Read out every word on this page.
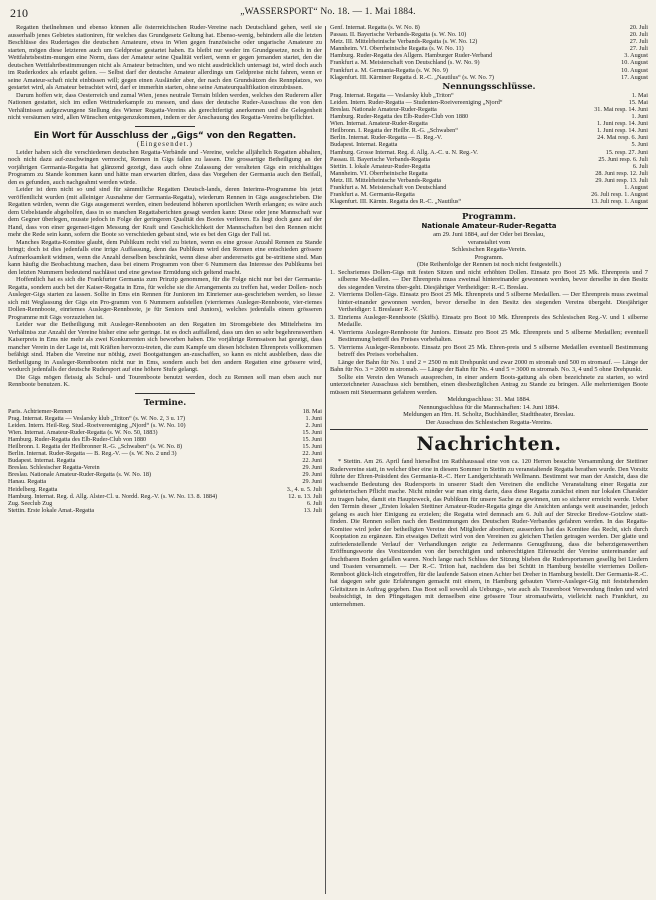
210	„WASSERSPORT“ No. 18. — 1. Mai 1884.

Regatten theilnehmen und ebenso können alle österreichischen Ruder-Vereine nach Deutschland gehen, weil sie ausserhalb jenes Gebietes stationiren, für welches das Grundgesetz Geltung hat. Ebenso-wenig, behindern alle die letzten Beschlüsse des Rudertages die deutschen Amateure, etwa in Wien gegen französische oder ungarische Amateure zu starten, mögen diese letzteren auch um Geldpreise gestartet haben. Es bleibt nur weder im Grundgesetze, noch in der Wettfahrtsbestim-mungen eine Norm, dass der Amateur seine Qualität verliert, wenn er gegen jemanden startet, den die deutschen Wettfahrtbestimmungen nicht als Amateur betrachten, und wo nicht ausdrücklich untersagt ist, wird doch auch im Ruderkodex als erlaubt gelten. — Selbst darf der deutsche Amateur allerdings um Geldpreise nicht fahren, wenn er seine Amateur-schaft nicht einbüssen will; gegen einen Ausländer aber, der nach den Grundsätzen des Rennplatzes, wo gestartet wird, als Amateur betrachtet wird, darf er immerhin starten, ohne seine Amateurqualifikation einzubüssen.

Darum hoffen wir, dass Oesterreich und zumal Wien, jenes neutrale Terrain bilden werden, welches den Ruderern aller Nationen gestattet, sich im edlen Wettruderkampfe zu messen, und dass der deutsche Ruder-Ausschuss die von den Verhältnissen aufgezwungene Stellung des Wiener Regatta-Vereins als gerechtfertigt anerkennen und die Gelegenheit nicht versäumen wird, allen Wünschen entgegenzukommen, indem er der Anschauung des Regatta-Vereins beipflichtet.

Ein Wort für Ausschluss der „Gigs“ von den Regatten.
(Eingesendet.)

Leider haben sich die verschiedenen deutschen Regatta-Verbände und -Vereine, welche alljährlich Regatten abhalten, noch nicht dazu auf-zuschwingen vermocht, Rennen in Gigs fallen zu lassen. Die grossartige Betheiligung an der vorjährigen Germania-Regatta hat glänzend gezeigt, dass auch ohne Zulassung der veralteten Gigs ein reichhaltiges Programm zu Stande kommen kann und hätte man erwarten dürfen, dass das Vorgehen der Germania auch den Beifall, den es gefunden, auch nachgeahmt werden würde.

Leider ist dem nicht so und sind für sämmtliche Regatten Deutsch-lands, deren Interims-Programme bis jetzt veröffentlicht wurden (mit alleiniger Ausnahme der Germania-Regatta), wiederum Rennen in Gigs ausgeschrieben. Die Regatten würden, wenn die Gigs ausgemerzt werden, einen bedeutend höheren sportlichen Werth erlangen; es wäre auch dem Uebelstande abgeholfen, dass in so manchen Regattaberichten gesagt werden kann: Diese oder jene Mannschaft war dem Gegner überlegen, musste jedoch in Folge der geringeren Qualität des Bootes verlieren. Es liegt doch ganz auf der Hand, dass von einer gegensei-tigen Messung der Kraft und Geschicklichkeit der Mannschaften bei den Rennen nicht mehr die Rede sein kann, sofern die Boote so verschieden gebaut sind, wie es bei den Gigs der Fall ist.

Manches Regatta-Komitee glaubt, dem Publikum recht viel zu bieten, wenn es eine grosse Anzahl Rennen zu Stande bringt; doch ist dies jedenfalls eine irrige Auffassung, denn das Publikum wird den Rennen eine entschieden grössere Aufmerksamkeit widmen, wenn die Anzahl derselben beschränkt, wenn diese aber andererseits gut be-strittene sind. Man kann häufig die Beobachtung machen, dass bei einem Programm von über 6 Nummern das Interesse des Publikums bei den letzten Nummern bedeutend nachlässt und eine gewisse Ermüdung sich geltend macht.

Hoffentlich hat es sich die Frankfurter Germania zum Prinzip genommen, für die Folge nicht nur bei der Germania-Regatta, sondern auch bei der Kaiser-Regatta in Ems, für welche sie die Arrangements zu treffen hat, weder Dollen- noch Ausleger-Gigs starten zu lassen. Sollte in Ems ein Rennen für Junioren im Einriemer aus-geschrieben werden, so liesse sich mit Weglassung der Gigs ein Pro-gramm von 6 Nummern aufstellen (vierriemes Ausleger-Rennboote, vier-riemes Dollen-Rennboote, einriemes Ausleger-Rennboote, je für Seniors und Juniors), welches jedenfalls einem grösseren Programme mit Gigs vorzuziehen ist.

Leider war die Betheiligung mit Ausleger-Rennbooten an den Regatten im Stromgebiete des Mittelrheins im Verhältniss zur Anzahl der Vereine bisher eine sehr geringe. Ist es doch auffallend, dass um den so sehr begehrenswerthen Kaiserpreis in Ems nie mehr als zwei Konkurrenten sich beworben haben. Die vorjährige Rennsaison hat gezeigt, dass mancher Verein in der Lage ist, mit Kräften hervorzu-treten, die zum Kampfe um diesen höchsten Ehrenpreis vollkommen befähigt sind. Haben die Vereine nur nöthig, zwei Bootgattungen an-zuschaffen, so kann es nicht ausbleiben, dass die Betheiligung in Ausleger-Rennbooten nicht nur in Ems, sondern auch bei den andern Regatten eine grössere wird, wodurch jedenfalls der deutsche Rudersport auf eine höhere Stufe gelangt.

Die Gigs mögen fleissig als Schul- und Tourenboote benutzt werden, doch zu Rennen soll man eben auch nur Rennboote benutzen. K.

Termine.
Paris. Achtriemer-Rennen	18. Mai
Prag. Internat. Regatta — Veslarsky klub „Triton“ (s. W. No. 2, 3 u. 17)	1. Juni
Leiden. Intern. Heil-Reg. Stud.-Roeivereeniging „Njord“ (s. W. No. 10)	2. Juni
Wien. Internat. Amateur-Ruder-Regatta (s. W. No. 50, 1883)	15. Juni
Hamburg. Ruder-Regatta des Elb-Ruder-Club von 1880	15. Juni
Heilbronn. I. Regatta der Heilbronner R.-G. „Schwaben“ (s. W. No. 8)	15. Juni
Berlin. Internat. Ruder-Regatta — B. Reg.-V. — (s. W. No. 2 und 3)	22. Juni
Budapest. Internat. Regatta	22. Juni
Breslau. Schlesischer Regatta-Verein	29. Juni
Breslau. Nationale Amateur-Ruder-Regatta (s. W. No. 18)	29. Juni
Hanau. Regatta	29. Juni
Heidelberg. Regatta	3., 4. u. 5. Juli
Hamburg. Internat. Reg. d. Allg. Alster-Cl. u. Nordd. Reg.-V. (s. W. No. 13. 8. 1884)	12. u. 13. Juli
Zug. Seeclub Zug	6. Juli
Stettin. Erste lokale Amat.-Regatta	13. Juli
Genf. Internat. Regatta (s. W. No. 8)	20. Juli
Passau. II. Bayerische Verbands-Regatta (s. W. No. 10)	20. Juli
Metz. III. Mittelrheinische Verbands-Regatta (s. W. No. 12)	27. Juli
Mannheim. VI. Oberrheinische Regatta (s. W. No. 11)	27. Juli
Hamburg. Ruder-Regatta des Allgem. Hamburger Ruder-Verband	3. August
Frankfurt a. M. Meisterschaft von Deutschland (s. W. No. 9)	10. August
Frankfurt a. M. Germania-Regatta (s. W. No. 9)	10. August
Klagenfurt. III. Kärntner Regatta d. R.-C. „Nautilus“ (s. W. No. 7)	17. August
Nennungsschlüsse.
Prag. Internat. Regatta — Veslarsky klub „Triton“	1. Mai
Leiden. Intern. Ruder-Regatta — Studenten-Roeivereeniging „Njord“	15. Mai
Breslau. Nationale Amateur-Ruder-Regatta	31. Mai resp. 14. Juni
Hamburg. Ruder-Regatta des Elb-Ruder-Club von 1880	1. Juni
Wien. Internat. Amateur-Ruder-Regatta	1. Juni resp. 14. Juni
Heilbronn. I. Regatta der Heilbr. R.-G. „Schwaben“	1. Juni resp. 14. Juni
Berlin. Internat. Ruder-Regatta — B. Reg.-V.	24. Mai resp. 6. Juni
Budapest. Internat. Regatta	5. Juni
Hamburg. Grosse Internat. Reg. d. Allg. A.-C. u. N. Reg.-V.	15. resp. 27. Juni
Passau. II. Bayerische Verbands-Regatta	25. Juni resp. 6. Juli
Stettin. I. lokale Amateur-Ruder-Regatta	6. Juli
Mannheim. VI. Oberrheinische Regatta	28. Juni resp. 12. Juli
Metz. III. Mittelrheinische Verbands-Regatta	29. Juni resp. 13. Juli
Frankfurt a. M. Meisterschaft von Deutschland	1. August
Frankfurt a. M. Germania-Regatta	26. Juli resp. 1. August
Klagenfurt. III. Kärntn. Regatta des R.-C. „Nautilus“	13. Juli resp. 1. August
Programm.
Nationale Amateur-Ruder-Regatta

am 29. Juni 1884, auf der Oder bei Breslau,

veranstaltet vom

Schlesischen Regatta-Verein.

Programm.

(Die Reihenfolge der Rennen ist noch nicht festgestellt.)

1. Sechsriemes Dollen-Gigs mit festen Sitzen und nicht erhöhten Dollen. Einsatz pro Boot 25 Mk. Ehrenpreis und 7 silberne Me-daillen. — Der Ehrenpreis muss zweimal hintereinander gewonnen werden, bevor derselbe in den Besitz des siegenden Vereins über-geht. Diesjähriger Vertheidiger: R.-C. Breslau.

2. Vierriems Dollen-Gigs. Einsatz pro Boot 25 Mk. Ehrenpreis und 5 silberne Medaillen. — Der Ehrenpreis muss zweimal hinter-einander gewonnen werden, bevor derselbe in den Besitz des siegenden Vereins übergeht. Diesjähriger Vertheidiger: I. Breslauer R.-V.

3. Einriems Ausleger-Rennboote (Skiffs). Einsatz pro Boot 10 Mk. Ehrenpreis des Schlesischen Reg.-V. und 1 silberne Medaille.

4. Vierriems Ausleger-Rennboote für Juniors. Einsatz pro Boot 25 Mk. Ehrenpreis und 5 silberne Medaillen; eventuell Bestimmung betreff des Preises vorbehalten.

5. Vierriems Ausleger-Rennboote. Einsatz pro Boot 25 Mk. Ehren-preis und 5 silberne Medaillen eventuell Bestimmung betreff des Preises vorbehalten.

Länge der Bahn für No. 1 und 2 = 2500 m mit Drehpunkt und zwar 2000 m stromab und 500 m stromauf. — Länge der Bahn für No. 3 = 2000 m stromab. — Länge der Bahn für No. 4 und 5 = 3000 m stromab. No. 3, 4 und 5 ohne Drehpunkt.

Sollte ein Verein den Wunsch aussprechen, in einer andern Boots-gattung als oben bezeichnete zu starten, so wird unterzeichneter Ausschuss sich bemühen, einen diesbezüglichen Antrag zu Stande zu bringen. Alle mehrriemigen Boote müssen mit Steuermann gefahren werden.

Meldungsschluss: 31. Mai 1884.

Nennungsschluss für die Mannschaften: 14. Juni 1884.

Meldungen an Hrn. H. Scholtz, Buchhändler, Stadttheater, Breslau.

Der Ausschuss des Schlesischen Regatta-Vereins.

Nachrichten.

* Stettin. Am 26. April fand hierselbst im Rathhaussaal eine von ca. 120 Herren besuchte Versammlung der Stettiner Rudervereine statt, in welcher über eine in diesem Sommer in Stettin zu veranstaltende Regatta berathen wurde. Den Vorsitz führte der Ehren-Präsident des Germania-R.-C. Herr Landgerichtsrath Wellmann. Bestimmt war man der Ansicht, dass die wachsende Bedeutung des Rudersports in unserer Stadt den Vereinen die endliche Veranstaltung einer Regatta zur gebieterischen Pflicht mache. Nicht minder war man einig darin, dass diese Regatta zunächst einen nur lokalen Charakter zu tragen habe, damit ein Hauptzweck, das Publikum für unsere Sache zu gewinnen, um so sicherer erreicht werde. Ueber den Termin dieser „Ersten lokalen Stettiner Amateur-Ruder-Regatta ginge die Ansichten anfangs weit auseinander, jedoch gelang es auch hier Einigung zu erzielen; die Regatta wird demnach am 6. Juli auf der Strecke Bredow-Gotzlow statt-finden. Die Rennen sollen nach den Bestimmungen des Deutschen Ruder-Verbandes gefahren werden. In das Regatta-Komitee wird jeder der betheiligten Vereine drei Mitglieder abordnen; ausserdem hat das Komitee das Recht, sich durch Kooptation zu ergänzen. Ein etwaiges Defizit wird von den Vereinen zu gleichen Theilen getragen werden. Der glatte und zufriedenstellende Verlauf der Verhandlungen zeigte zu Jedermanns Genugthuung, dass die beherzigenswerthen Eröffnungsworte des Vorsitzenden von der berechtigten und unberechtigten Eifersucht der Vereine untereinander auf fruchtbaren Boden gefallen waren. Noch lange nach Schluss der Sitzung blieben die Rudersportsmen gesellig bei Liedern und Toasten versammelt. — Der R.-C. Triton hat, nachdem das bei Schütt in Hamburg bestellte vierriemes Dollen-Rennboot glück-lich eingetroffen, für die laufende Saison einen Achter bei Dreher in Hamburg bestellt. Der Germania-R.-C. hat dagegen sehr gute Erfahrungen gemacht mit einem, in Hamburg gebauten Vierer-Ausleger-Gig mit feststehenden Gleitsitzen in Auftrag gegeben. Das Boot soll sowohl als Uebungs-, wie auch als Tourenboot Verwendung finden und wird beabsichtigt, in den Pfingsttagen mit demselben eine grössere Tour stromaufwärts, vielleicht nach Frankfurt, zu unternehmen.
